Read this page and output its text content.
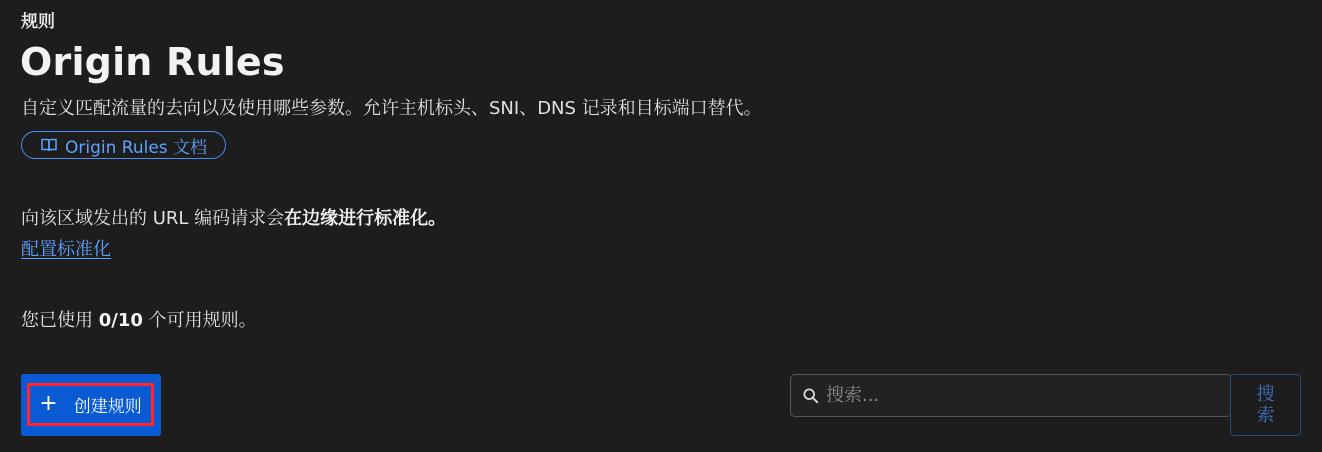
规则
Origin Rules
自定义匹配流量的去向以及使用哪些参数。允许主机标头、SNI、DNS 记录和目标端口替代。
Origin Rules 文档
向该区域发出的 URL 编码请求会在边缘进行标准化。
配置标准化
您已使用 0/10 个可用规则。
+ 创建规则
搜索...
搜
索
